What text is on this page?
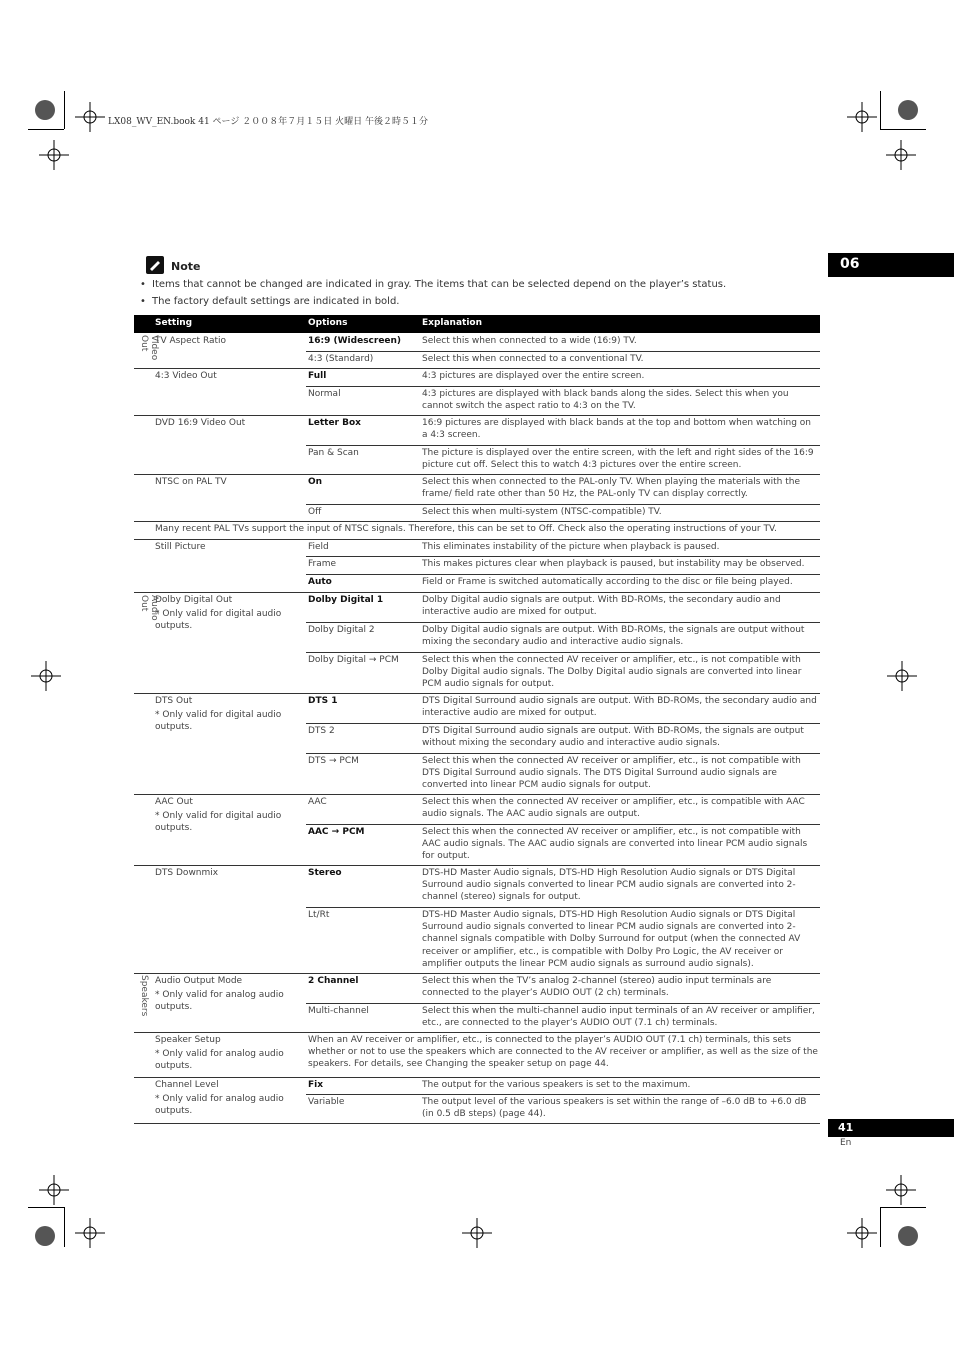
LX08_WV_EN.book 41 ページ ２００８年７月１５日 火曜日 午後２時５１分
06
Note
• Items that cannot be changed are indicated in gray. The items that can be selected depend on the player’s status.
• The factory default settings are indicated in bold.
Setting	Options	Explanation
TV Aspect Ratio	16:9 (Widescreen)	Select this when connected to a wide (16:9) TV.
4:3 (Standard)	Select this when connected to a conventional TV.
4:3 Video Out	Full	4:3 pictures are displayed over the entire screen.
Normal	4:3 pictures are displayed with black bands along the sides. Select this when you cannot switch the aspect ratio to 4:3 on the TV.
DVD 16:9 Video Out	Letter Box	16:9 pictures are displayed with black bands at the top and bottom when watching on a 4:3 screen.
Pan & Scan	The picture is displayed over the entire screen, with the left and right sides of the 16:9 picture cut off. Select this to watch 4:3 pictures over the entire screen.
NTSC on PAL TV	On	Select this when connected to the PAL-only TV. When playing the materials with the frame/ field rate other than 50 Hz, the PAL-only TV can display correctly.
Off	Select this when multi-system (NTSC-compatible) TV.
Many recent PAL TVs support the input of NTSC signals. Therefore, this can be set to Off. Check also the operating instructions of your TV.
Still Picture	Field	This eliminates instability of the picture when playback is paused.
Frame	This makes pictures clear when playback is paused, but instability may be observed.
Auto	Field or Frame is switched automatically according to the disc or file being played.
Dolby Digital Out
* Only valid for digital audio outputs.
Dolby Digital 1	Dolby Digital audio signals are output. With BD-ROMs, the secondary audio and interactive audio are mixed for output.
Dolby Digital 2	Dolby Digital audio signals are output. With BD-ROMs, the signals are output without mixing the secondary audio and interactive audio signals.
Dolby Digital → PCM	Select this when the connected AV receiver or amplifier, etc., is not compatible with Dolby Digital audio signals. The Dolby Digital audio signals are converted into linear PCM audio signals for output.
DTS Out
* Only valid for digital audio outputs.
DTS 1	DTS Digital Surround audio signals are output. With BD-ROMs, the secondary audio and interactive audio are mixed for output.
DTS 2	DTS Digital Surround audio signals are output. With BD-ROMs, the signals are output without mixing the secondary audio and interactive audio signals.
DTS → PCM	Select this when the connected AV receiver or amplifier, etc., is not compatible with DTS Digital Surround audio signals. The DTS Digital Surround audio signals are converted into linear PCM audio signals for output.
AAC Out
* Only valid for digital audio outputs.
AAC	Select this when the connected AV receiver or amplifier, etc., is compatible with AAC audio signals. The AAC audio signals are output.
AAC → PCM	Select this when the connected AV receiver or amplifier, etc., is not compatible with AAC audio signals. The AAC audio signals are converted into linear PCM audio signals for output.
DTS Downmix	Stereo	DTS-HD Master Audio signals, DTS-HD High Resolution Audio signals or DTS Digital Surround audio signals converted to linear PCM audio signals are converted into 2-channel (stereo) signals for output.
Lt/Rt	DTS-HD Master Audio signals, DTS-HD High Resolution Audio signals or DTS Digital Surround audio signals converted to linear PCM audio signals are converted into 2-channel signals compatible with Dolby Surround for output (when the connected AV receiver or amplifier, etc., is compatible with Dolby Pro Logic, the AV receiver or amplifier outputs the linear PCM audio signals as surround audio signals).
Audio Output Mode
* Only valid for analog audio outputs.
2 Channel	Select this when the TV’s analog 2-channel (stereo) audio input terminals are connected to the player’s AUDIO OUT (2 ch) terminals.
Multi-channel	Select this when the multi-channel audio input terminals of an AV receiver or amplifier, etc., are connected to the player’s AUDIO OUT (7.1 ch) terminals.
Speaker Setup
* Only valid for analog audio outputs.
When an AV receiver or amplifier, etc., is connected to the player’s AUDIO OUT (7.1 ch) terminals, this sets whether or not to use the speakers which are connected to the AV receiver or amplifier, as well as the size of the speakers. For details, see Changing the speaker setup on page 44.
Channel Level
* Only valid for analog audio outputs.
Fix	The output for the various speakers is set to the maximum.
Variable	The output level of the various speakers is set within the range of –6.0 dB to +6.0 dB (in 0.5 dB steps) (page 44).
Video Out
Audio Out
Speakers
41
En
